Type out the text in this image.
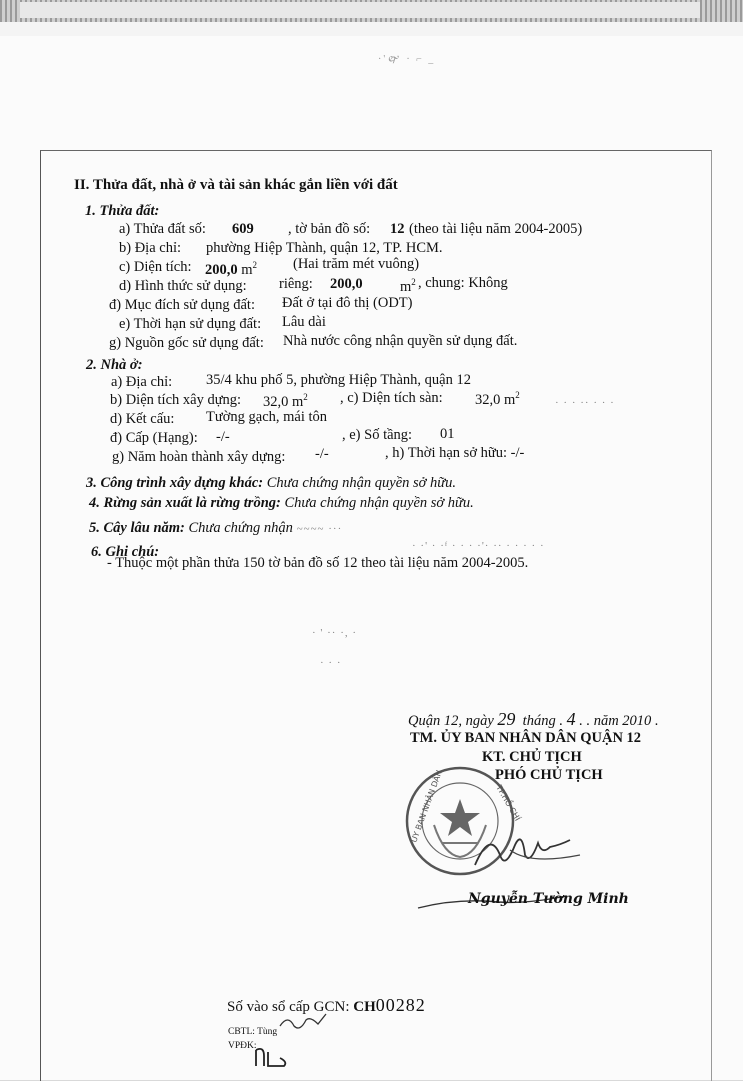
·'🙰 · ⌐ _
II. Thửa đất, nhà ở và tài sản khác gắn liền với đất
1. Thửa đất:
a) Thửa đất số: 609 , tờ bản đồ số: 12 (theo tài liệu năm 2004-2005)
b) Địa chỉ: phường Hiệp Thành, quận 12, TP. HCM.
c) Diện tích: 200,0 $m^2$ (Hai trăm mét vuông)
d) Hình thức sử dụng: riêng: 200,0	$m^2$ , chung: Không
đ) Mục đích sử dụng đất: Đất ở tại đô thị (ODT)
e) Thời hạn sử dụng đất: Lâu dài
g) Nguồn gốc sử dụng đất: Nhà nước công nhận quyền sử dụng đất.
2. Nhà ở:
a) Địa chỉ: 35/4 khu phố 5, phường Hiệp Thành, quận 12
b) Diện tích xây dựng: 32,0 $m^2$ , c) Diện tích sàn: 32,0 $m^2$
· · · ·· · · ·
d) Kết cấu: Tường gạch, mái tôn
đ) Cấp (Hạng): -/-	, e) Số tầng: 01
g) Năm hoàn thành xây dựng: -/-	, h) Thời hạn sở hữu: -/-
3. Công trình xây dựng khác: Chưa chứng nhận quyền sở hữu.
4. Rừng sản xuất là rừng trồng: Chưa chứng nhận quyền sở hữu.
5. Cây lâu năm: Chưa chứng nhận ~~~~ ···
· ·' · ·ᶠ · · · ·'· ·· · · · · ·
6. Ghi chú:
- Thuộc một phần thửa 150 tờ bản đồ số 12 theo tài liệu năm 2004-2005.
· ' ·· ·, ·
· · ·
Quận 12, ngày 29 tháng . 4 . . năm 2010 .
TM. ỦY BAN NHÂN DÂN QUẬN 12
KT. CHỦ TỊCH
PHÓ CHỦ TỊCH
ỦY BAN NHÂN DÂN	TP.HỒ CHÍ
Nguyễn Tường Minh
Số vào sổ cấp GCN: CH00282
CBTL: Tùng
VPĐK:
